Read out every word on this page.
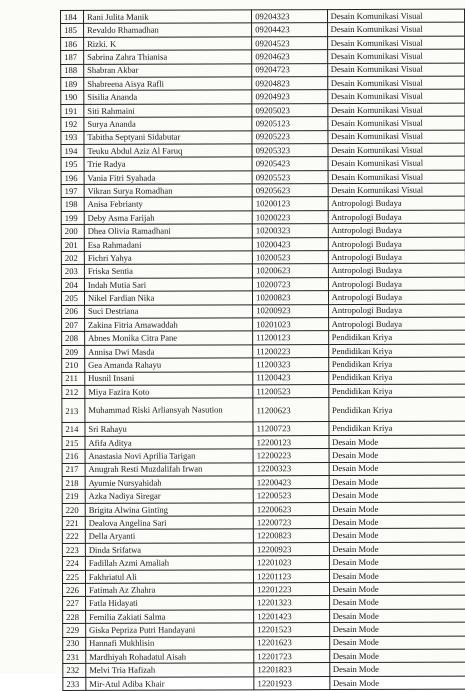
184	Rani Julita Manik	09204323	Desain Komunikasi Visual
185	Revaldo Rhamadhan	09204423	Desain Komunikasi Visual
186	Rizki. K	09204523	Desain Komunikasi Visual
187	Sabrina Zahra Thianisa	09204623	Desain Komunikasi Visual
188	Shabran Akbar	09204723	Desain Komunikasi Visual
189	Shabreena Aisya Rafli	09204823	Desain Komunikasi Visual
190	Sisilia Ananda	09204923	Desain Komunikasi Visual
191	Siti Rahmaini	09205023	Desain Komunikasi Visual
192	Surya Ananda	09205123	Desain Komunikasi Visual
193	Tabitha Septyani Sidabutar	09205223	Desain Komunikasi Visual
194	Teuku Abdul Aziz Al Faruq	09205323	Desain Komunikasi Visual
195	Trie Radya	09205423	Desain Komunikasi Visual
196	Vania Fitri Syahada	09205523	Desain Komunikasi Visual
197	Vikran Surya Romadhan	09205623	Desain Komunikasi Visual
198	Anisa Febrianty	10200123	Antropologi Budaya
199	Deby Asma Farijah	10200223	Antropologi Budaya
200	Dhea Olivia Ramadhani	10200323	Antropologi Budaya
201	Esa Rahmadani	10200423	Antropologi Budaya
202	Fichri Yahya	10200523	Antropologi Budaya
203	Friska Sentia	10200623	Antropologi Budaya
204	Indah Mutia Sari	10200723	Antropologi Budaya
205	Nikel Fardian Nika	10200823	Antropologi Budaya
206	Suci Destriana	10200923	Antropologi Budaya
207	Zakina Fitria Amawaddah	10201023	Antropologi Budaya
208	Abnes Monika Citra Pane	11200123	Pendidikan Kriya
209	Annisa Dwi Masda	11200223	Pendidikan Kriya
210	Gea Amanda Rahayu	11200323	Pendidikan Kriya
211	Husnil Insani	11200423	Pendidikan Kriya
212	Miya Fazira Koto	11200523	Pendidikan Kriya
213	Muhammad Riski Arliansyah Nasution	11200623	Pendidikan Kriya
214	Sri Rahayu	11200723	Pendidikan Kriya
215	Afifa Aditya	12200123	Desain Mode
216	Anastasia Novi Aprilia Tarigan	12200223	Desain Mode
217	Anugrah Resti Muzdalifah Irwan	12200323	Desain Mode
218	Ayumie Nursyahidah	12200423	Desain Mode
219	Azka Nadiya Siregar	12200523	Desain Mode
220	Brigita Alwina Ginting	12200623	Desain Mode
221	Dealova Angelina Sari	12200723	Desain Mode
222	Della Aryanti	12200823	Desain Mode
223	Dinda Srifatwa	12200923	Desain Mode
224	Fadillah Azmi Amaliah	12201023	Desain Mode
225	Fakhriatul Ali	12201123	Desain Mode
226	Fatimah Az Zhahra	12201223	Desain Mode
227	Fatla Hidayati	12201323	Desain Mode
228	Femilia Zakiati Salma	12201423	Desain Mode
229	Giska Pepriza Putri Handayani	12201523	Desain Mode
230	Hannafi Mukhlisin	12201623	Desain Mode
231	Mardhiyah Rohadatul Aisah	12201723	Desain Mode
232	Melvi Tria Hafizah	12201823	Desain Mode
233	Mir-Atul Adiba Khair	12201923	Desain Mode
